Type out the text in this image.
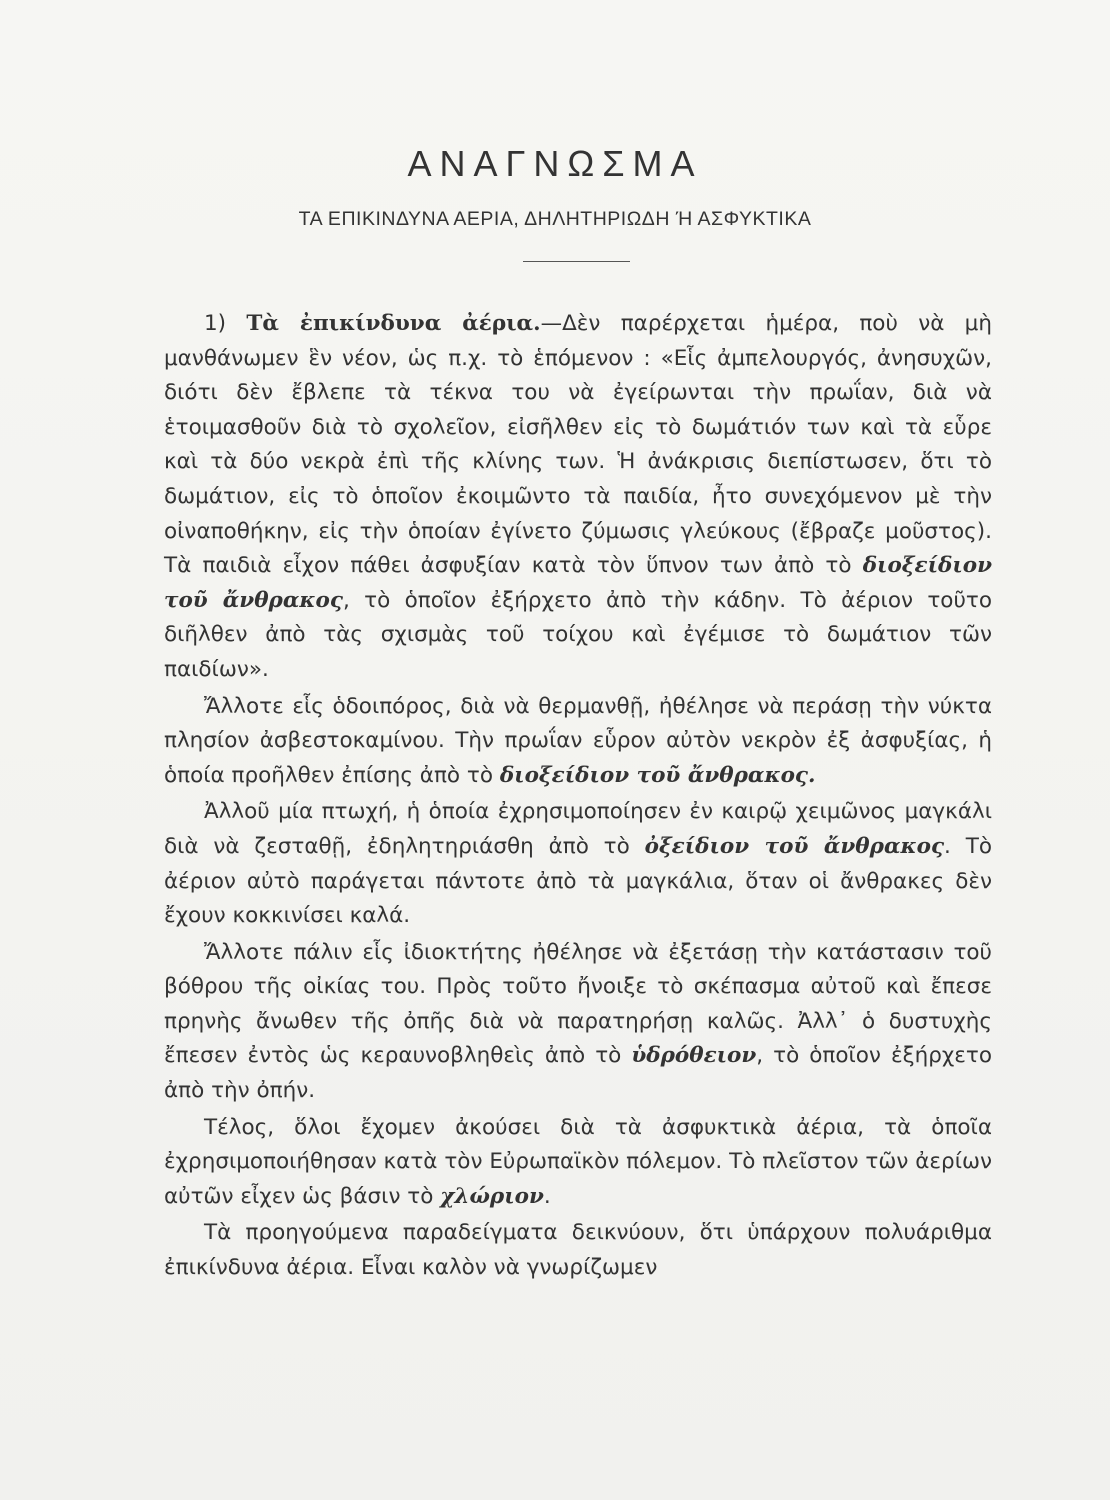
ΑΝΑΓΝΩΣΜΑ
ΤΑ ΕΠΙΚΙΝΔΥΝΑ ΑΕΡΙΑ, ΔΗΛΗΤΗΡΙΩΔΗ Ή ΑΣΦΥΚΤΙΚΑ

1) Τὰ ἐπικίνδυνα ἀέρια.—Δὲν παρέρχεται ἡμέρα, ποὺ νὰ μὴ μανθάνωμεν ἓν νέον, ὡς π.χ. τὸ ἑπόμενον : «Εἷς ἀμπελουργός, ἀνησυχῶν, διότι δὲν ἔβλεπε τὰ τέκνα του νὰ ἐγείρωνται τὴν πρωΐαν, διὰ νὰ ἑτοιμασθοῦν διὰ τὸ σχολεῖον, εἰσῆλθεν εἰς τὸ δωμάτιόν των καὶ τὰ εὗρε καὶ τὰ δύο νεκρὰ ἐπὶ τῆς κλίνης των. Ἡ ἀνάκρισις διεπίστωσεν, ὅτι τὸ δωμάτιον, εἰς τὸ ὁποῖον ἐκοιμῶντο τὰ παιδία, ἦτο συνεχόμενον μὲ τὴν οἰναποθήκην, εἰς τὴν ὁποίαν ἐγίνετο ζύμωσις γλεύκους (ἔβραζε μοῦστος). Τὰ παιδιὰ εἶχον πάθει ἀσφυξίαν κατὰ τὸν ὕπνον των ἀπὸ τὸ διοξείδιον τοῦ ἄνθρακος, τὸ ὁποῖον ἐξήρχετο ἀπὸ τὴν κάδην. Τὸ ἀέριον τοῦτο διῆλθεν ἀπὸ τὰς σχισμὰς τοῦ τοίχου καὶ ἐγέμισε τὸ δωμάτιον τῶν παιδίων».

Ἄλλοτε εἷς ὁδοιπόρος, διὰ νὰ θερμανθῇ, ἠθέλησε νὰ περάσῃ τὴν νύκτα πλησίον ἀσβεστοκαμίνου. Τὴν πρωΐαν εὗρον αὐτὸν νεκρὸν ἐξ ἀσφυξίας, ἡ ὁποία προῆλθεν ἐπίσης ἀπὸ τὸ διοξείδιον τοῦ ἄνθρακος.

Ἀλλοῦ μία πτωχή, ἡ ὁποία ἐχρησιμοποίησεν ἐν καιρῷ χειμῶνος μαγκάλι διὰ νὰ ζεσταθῇ, ἐδηλητηριάσθη ἀπὸ τὸ ὀξείδιον τοῦ ἄνθρακος. Τὸ ἀέριον αὐτὸ παράγεται πάντοτε ἀπὸ τὰ μαγκάλια, ὅταν οἱ ἄνθρακες δὲν ἔχουν κοκκινίσει καλά.

Ἄλλοτε πάλιν εἷς ἰδιοκτήτης ἠθέλησε νὰ ἐξετάσῃ τὴν κατάστασιν τοῦ βόθρου τῆς οἰκίας του. Πρὸς τοῦτο ἤνοιξε τὸ σκέπασμα αὐτοῦ καὶ ἔπεσε πρηνὴς ἄνωθεν τῆς ὀπῆς διὰ νὰ παρατηρήσῃ καλῶς. Ἀλλ᾽ ὁ δυστυχὴς ἔπεσεν ἐντὸς ὡς κεραυνοβληθεὶς ἀπὸ τὸ ὑδρόθειον, τὸ ὁποῖον ἐξήρχετο ἀπὸ τὴν ὀπήν.

Τέλος, ὅλοι ἔχομεν ἀκούσει διὰ τὰ ἀσφυκτικὰ ἀέρια, τὰ ὁποῖα ἐχρησιμοποιήθησαν κατὰ τὸν Εὐρωπαϊκὸν πόλεμον. Τὸ πλεῖστον τῶν ἀερίων αὐτῶν εἶχεν ὡς βάσιν τὸ χλώριον.

Τὰ προηγούμενα παραδείγματα δεικνύουν, ὅτι ὑπάρχουν πολυάριθμα ἐπικίνδυνα ἀέρια. Εἶναι καλὸν νὰ γνωρίζωμεν
